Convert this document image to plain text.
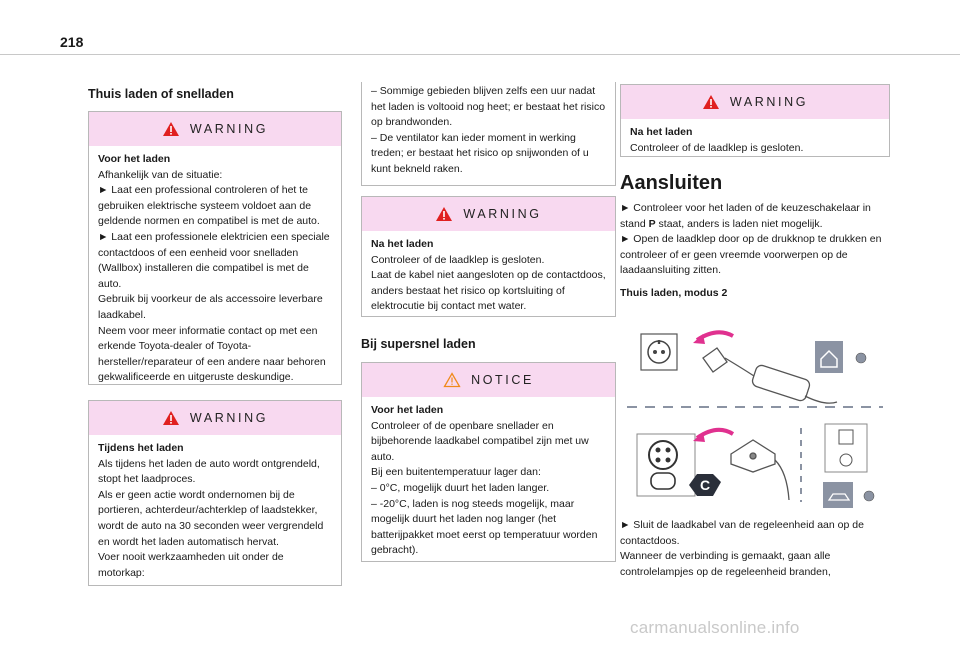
218
Thuis laden of snelladen
WARNING

Voor het laden

Afhankelijk van de situatie:

► Laat een professional controleren of het te gebruiken elektrische systeem voldoet aan de geldende normen en compatibel is met de auto.

► Laat een professionele elektricien een speciale contactdoos of een eenheid voor snelladen (Wallbox) installeren die compatibel is met de auto.

Gebruik bij voorkeur de als accessoire leverbare laadkabel.

Neem voor meer informatie contact op met een erkende Toyota-dealer of Toyota-hersteller/reparateur of een andere naar behoren gekwalificeerde en uitgeruste deskundige.

WARNING

Tijdens het laden

Als tijdens het laden de auto wordt ontgrendeld, stopt het laadproces.

Als er geen actie wordt ondernomen bij de portieren, achterdeur/achterklep of laadstekker, wordt de auto na 30 seconden weer vergrendeld en wordt het laden automatisch hervat.

Voer nooit werkzaamheden uit onder de motorkap:

– Sommige gebieden blijven zelfs een uur nadat het laden is voltooid nog heet; er bestaat het risico op brandwonden.

– De ventilator kan ieder moment in werking treden; er bestaat het risico op snijwonden of u kunt bekneld raken.

WARNING

Na het laden

Controleer of de laadklep is gesloten.

Laat de kabel niet aangesloten op de contactdoos, anders bestaat het risico op kortsluiting of elektrocutie bij contact met water.

Bij supersnel laden
NOTICE

Voor het laden

Controleer of de openbare snellader en bijbehorende laadkabel compatibel zijn met uw auto.

Bij een buitentemperatuur lager dan:

– 0°C, mogelijk duurt het laden langer.

– -20°C, laden is nog steeds mogelijk, maar mogelijk duurt het laden nog langer (het batterijpakket moet eerst op temperatuur worden gebracht).

WARNING

Na het laden

Controleer of de laadklep is gesloten.

Aansluiten

► Controleer voor het laden of de keuzeschakelaar in stand P staat, anders is laden niet mogelijk.

► Open de laadklep door op de drukknop te drukken en controleer of er geen vreemde voorwerpen op de laadaansluiting zitten.

Thuis laden, modus 2

C

► Sluit de laadkabel van de regeleenheid aan op de contactdoos.

Wanneer de verbinding is gemaakt, gaan alle controlelampjes op de regeleenheid branden,

carmanualsonline.info
